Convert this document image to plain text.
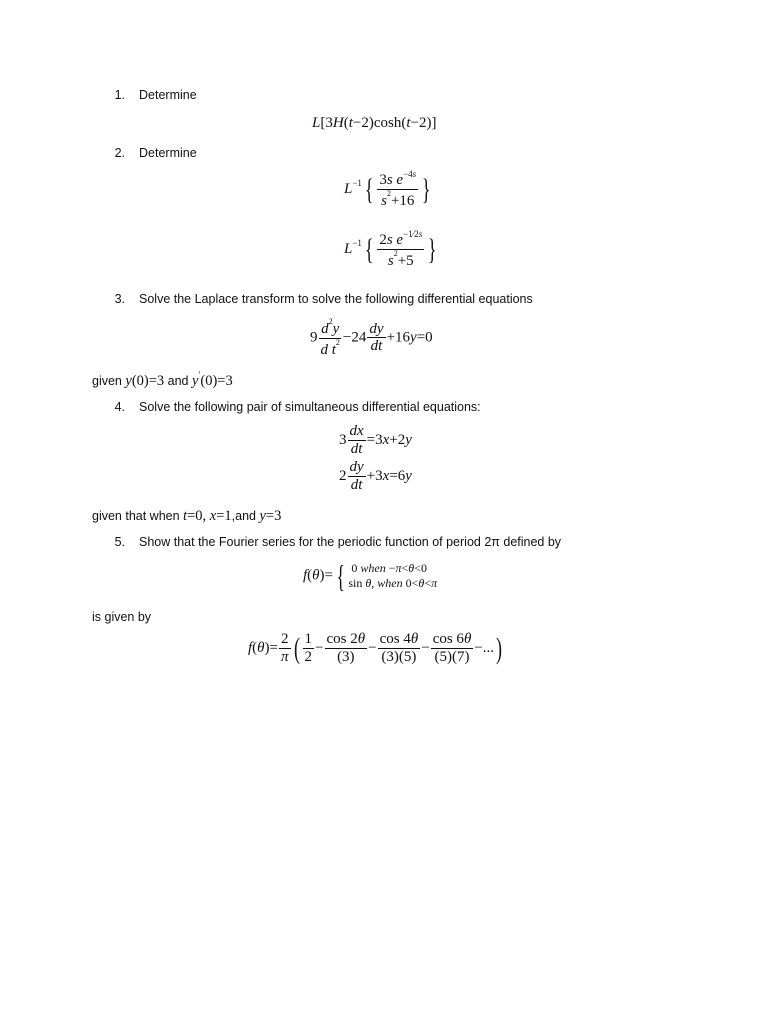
1. Determine
L[3H(t−2)cosh(t−2)]
2. Determine
$L^{-1}\{ \frac{3s e^{-4s}}{s^2+16}$ }
$L^{-1}\{ \frac{2s e^{-1⁄2s}}{s^2+5}$ }
3. Solve the Laplace transform to solve the following differential equations
$9 \frac{d^2y}{d t^2} -24 \frac{dy}{dt} +16y=0$
given y(0)=3 and y′(0)=3
4. Solve the following pair of simultaneous differential equations:
$3 \frac{dx}{dt} =3x+2y$
$2 \frac{dy}{dt} +3x=6y$
given that when t=0, x=1,and y=3
5. Show that the Fourier series for the periodic function of period 2π defined by
f(θ)= { 0 when −π<θ<0
sin θ, when 0<θ<π
is given by
$f(\theta)= \frac{2}{\pi}$ ( $\frac{1}{2} - \frac{\cos 2\theta}{(3)} - \frac{\cos 4\theta}{(3)(5)} - \frac{\cos 6\theta}{(5)(7)}$ −...)
